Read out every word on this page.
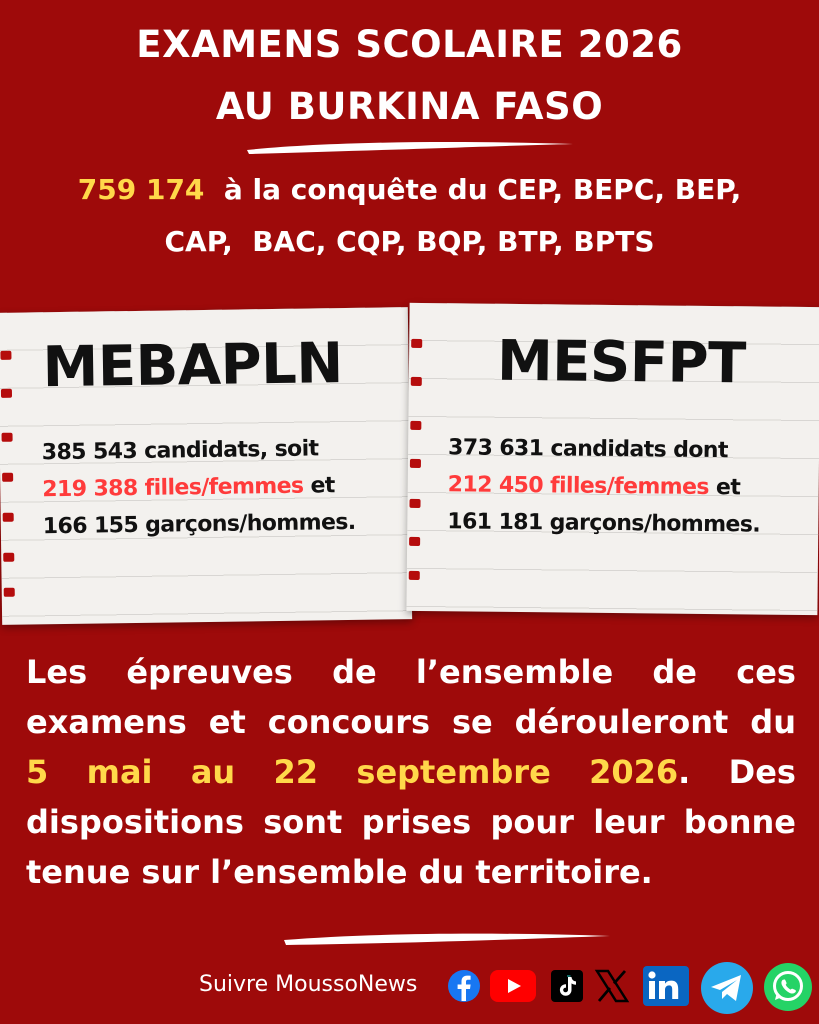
EXAMENS SCOLAIRE 2026
AU BURKINA FASO
759 174  à la conquête du CEP, BEPC, BEP,
CAP,  BAC, CQP, BQP, BTP, BPTS
MEBAPLN
385 543 candidats, soit
219 388 filles/femmes et
166 155 garçons/hommes.
MESFPT
373 631 candidats dont
212 450 filles/femmes et
161 181 garçons/hommes.
Les épreuves de l’ensemble de ces
examens et concours se dérouleront du
5 mai au 22 septembre 2026. Des
dispositions sont prises pour leur bonne
tenue sur l’ensemble du territoire.
Suivre MoussoNews
